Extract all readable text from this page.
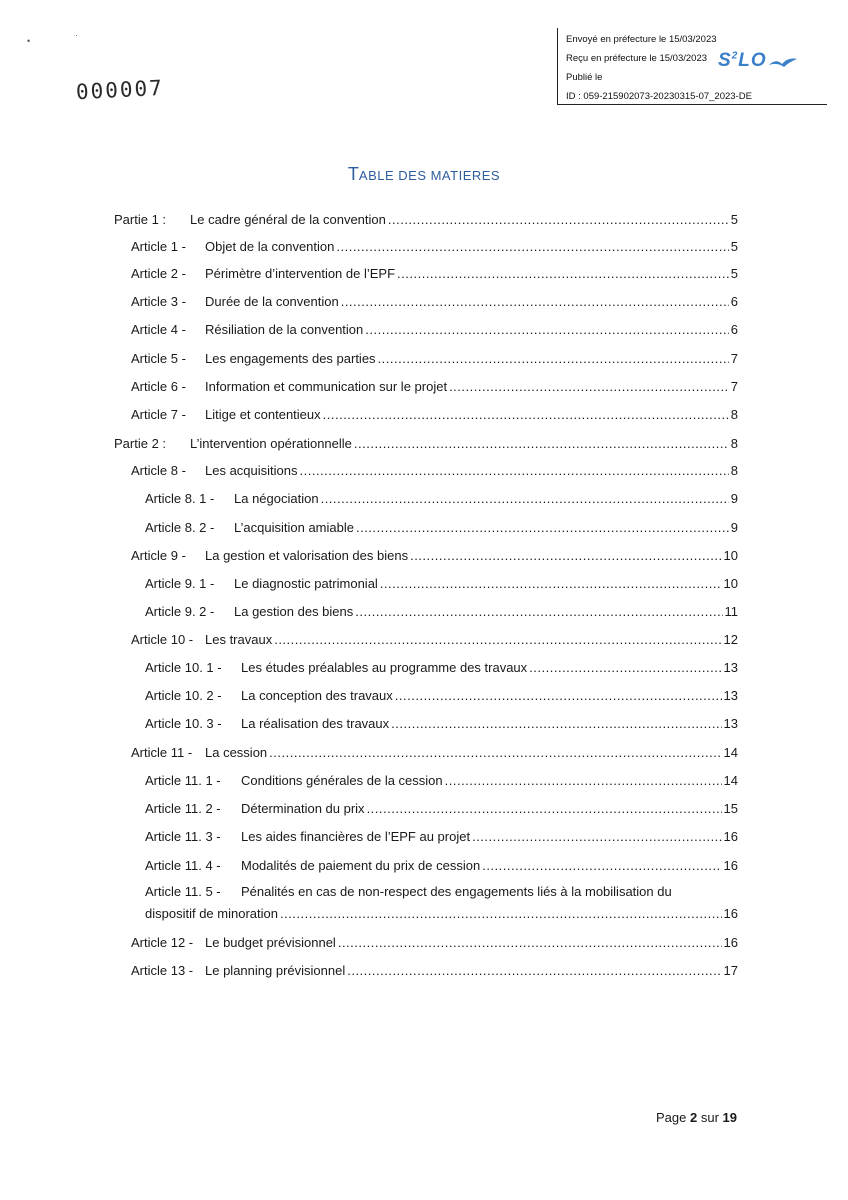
•
·
000007
Envoyé en préfecture le 15/03/2023
Reçu en préfecture le 15/03/2023
Publié le
ID : 059-215902073-20230315-07_2023-DE
$S^2LO$
TABLE DES MATIERES
Partie 1 :	Le cadre général de la convention .....	5
Article 1 -	Objet de la convention .....	5
Article 2 -	Périmètre d’intervention de l’EPF .....	5
Article 3 -	Durée de la convention .....	6
Article 4 -	Résiliation de la convention .....	6
Article 5 -	Les engagements des parties .....	7
Article 6 -	Information et communication sur le projet .....	7
Article 7 -	Litige et contentieux .....	8
Partie 2 :	L’intervention opérationnelle .....	8
Article 8 -	Les acquisitions .....	8
Article 8. 1 -	La négociation .....	9
Article 8. 2 -	L’acquisition amiable .....	9
Article 9 -	La gestion et valorisation des biens .....	10
Article 9. 1 -	Le diagnostic patrimonial .....	10
Article 9. 2 -	La gestion des biens .....	11
Article 10 - Les travaux .....	12
Article 10. 1 -	Les études préalables au programme des travaux .....	13
Article 10. 2 -	La conception des travaux .....	13
Article 10. 3 -	La réalisation des travaux .....	13
Article 11 - La cession .....	14
Article 11. 1 -	Conditions générales de la cession .....	14
Article 11. 2 -	Détermination du prix .....	15
Article 11. 3 -	Les aides financières de l’EPF au projet .....	16
Article 11. 4 -	Modalités de paiement du prix de cession .....	16
Article 11. 5 -	Pénalités en cas de non-respect des engagements liés à la mobilisation du
dispositif de minoration .....	16
Article 12 - Le budget prévisionnel .....	16
Article 13 - Le planning prévisionnel .....	17
Page 2 sur 19
